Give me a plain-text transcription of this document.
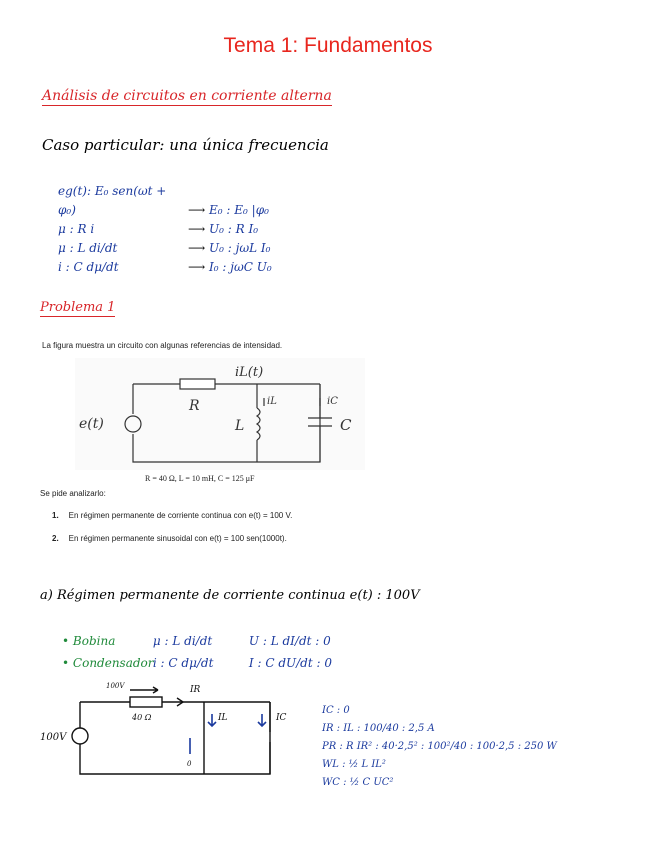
Tema 1: Fundamentos
Análisis de circuitos en corriente alterna
Caso particular: una única frecuencia
eg(t): E₀ sen(ωt + φ₀)	⟶ E₀ : E₀ |φ₀
μ : R i	⟶ U₀ : R I₀
μ : L di/dt	⟶ U₀ : jωL I₀
i : C dμ/dt	⟶ I₀ : jωC U₀
Problema 1
La figura muestra un circuito con algunas referencias de intensidad.
e(t)
R
L	C
iL(t)
iL	iC
R = 40 Ω, L = 10 mH, C = 125 μF
Se pide analizarlo:
1. En régimen permanente de corriente continua con e(t) = 100 V.
2. En régimen permanente sinusoidal con e(t) = 100 sen(1000t).
a) Régimen permanente de corriente continua e(t) : 100V
• Bobina	μ : L di/dt	U : L dI/dt : 0
• Condensadori : C dμ/dt	I : C dU/dt : 0
100V
100V
40 Ω
IR
IL	IC
0
IC : 0
IR : IL : 100/40 : 2,5 A
PR : R IR² : 40·2,5² : 100²/40 : 100·2,5 : 250 W
WL : ½ L IL²
WC : ½ C UC²
